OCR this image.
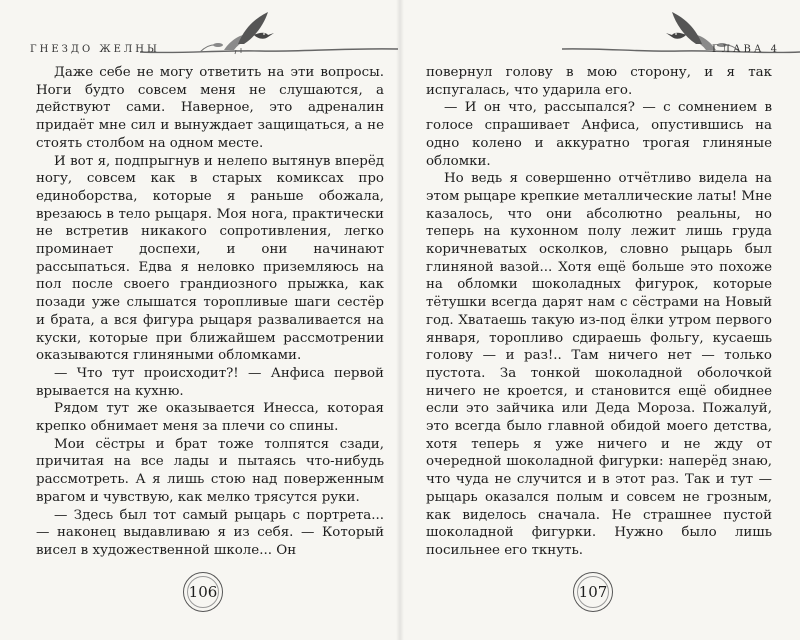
ГНЕЗДО ЖЕЛНЫ

Даже себе не могу ответить на эти вопросы. Ноги будто совсем меня не слушаются, а действуют сами. Наверное, это адреналин придаёт мне сил и вынуждает защищаться, а не стоять столбом на одном месте.

И вот я, подпрыгнув и нелепо вытянув вперёд ногу, совсем как в старых комиксах про единоборства, которые я раньше обожала, врезаюсь в тело рыцаря. Моя нога, практически не встретив никакого сопротивления, легко проминает доспехи, и они начинают рассыпаться. Едва я неловко приземляюсь на пол после своего грандиозного прыжка, как позади уже слышатся торопливые шаги сестёр и брата, а вся фигура рыцаря разваливается на куски, которые при ближайшем рассмотрении оказываются глиняными обломками.

— Что тут происходит?! — Анфиса первой врывается на кухню.

Рядом тут же оказывается Инесса, которая крепко обнимает меня за плечи со спины.

Мои сёстры и брат тоже толпятся сзади, причитая на все лады и пытаясь что-нибудь рассмотреть. А я лишь стою над поверженным врагом и чувствую, как мелко трясутся руки.

— Здесь был тот самый рыцарь с портрета... — наконец выдавливаю я из себя. — Который висел в художественной школе... Он

106
ГЛАВА 4

повернул голову в мою сторону, и я так испугалась, что ударила его.

— И он что, рассыпался? — с сомнением в голосе спрашивает Анфиса, опустившись на одно колено и аккуратно трогая глиняные обломки.

Но ведь я совершенно отчётливо видела на этом рыцаре крепкие металлические латы! Мне казалось, что они абсолютно реальны, но теперь на кухонном полу лежит лишь груда коричневатых осколков, словно рыцарь был глиняной вазой... Хотя ещё больше это похоже на обломки шоколадных фигурок, которые тётушки всегда дарят нам с сёстрами на Новый год. Хватаешь такую из-под ёлки утром первого января, торопливо сдираешь фольгу, кусаешь голову — и раз!.. Там ничего нет — только пустота. За тонкой шоколадной оболочкой ничего не кроется, и становится ещё обиднее если это зайчика или Деда Мороза. Пожалуй, это всегда было главной обидой моего детства, хотя теперь я уже ничего и не жду от очередной шоколадной фигурки: наперёд знаю, что чуда не случится и в этот раз. Так и тут — рыцарь оказался полым и совсем не грозным, как виделось сначала. Не страшнее пустой шоколадной фигурки. Нужно было лишь посильнее его ткнуть.

107
